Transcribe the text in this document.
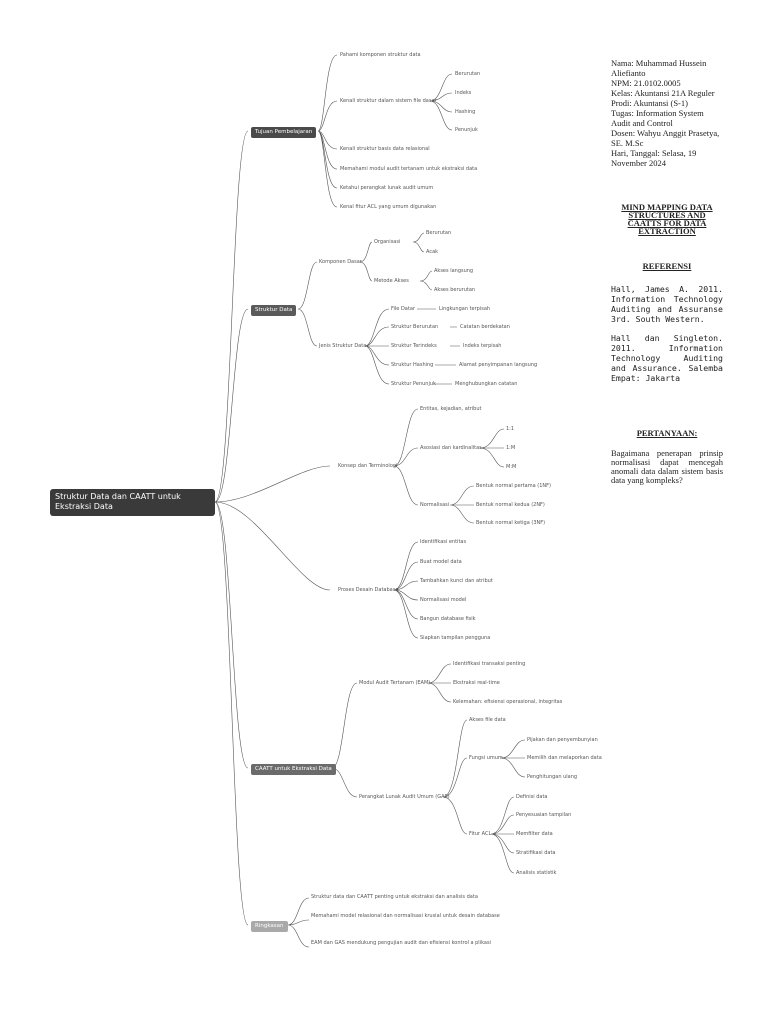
Struktur Data dan CAATT untuk Ekstraksi Data
Tujuan Pembelajaran
Struktur Data
CAATT untuk Ekstraksi Data
Ringkasan
Pahami komponen struktur data
Kenali struktur dalam sistem file dasar
Kenali struktur basis data relasional
Memahami modul audit tertanam untuk ekstraksi data
Ketahui perangkat lunak audit umum
Kenal fitur ACL yang umum digunakan
Berurutan
Indeks
Hashing
Penunjuk
Komponen Dasar
Organisasi
Berurutan
Acak
Metode Akses
Akses langsung
Akses berurutan
Jenis Struktur Data
File Datar
Struktur Berurutan
Struktur Terindeks
Struktur Hashing
Struktur Penunjuk
Lingkungan terpisah
Catatan berdekatan
Indeks terpisah
Alamat penyimpanan langsung
Menghubungkan catatan
Konsep dan Terminologi
Entitas, kejadian, atribut
Asosiasi dan kardinalitas
1:1
1:M
M:M
Normalisasi
Bentuk normal pertama (1NF)
Bentuk normal kedua (2NF)
Bentuk normal ketiga (3NF)
Proses Desain Database
Identifikasi entitas
Buat model data
Tambahkan kunci dan atribut
Normalisasi model
Bangun database fisik
Siapkan tampilan pengguna
Modul Audit Tertanam (EAM)
Identifikasi transaksi penting
Ekstraksi real-time
Kelemahan: efisiensi operasional, integritas
Perangkat Lunak Audit Umum (GAS)
Akses file data
Fungsi umum
Pijakan dan penyembunyian
Memilih dan melaporkan data
Penghitungan ulang
Fitur ACL
Definisi data
Penyesuaian tampilan
Memfilter data
Stratifikasi data
Analisis statistik
Struktur data dan CAATT penting untuk ekstraksi dan analisis data
Memahami model relasional dan normalisasi krusial untuk desain database
EAM dan GAS mendukung pengujian audit dan efisiensi kontrol a plikasi
Nama: Muhammad Hussein Aliefianto
NPM: 21.0102.0005
Kelas: Akuntansi 21A Reguler
Prodi: Akuntansi (S-1)
Tugas: Information System Audit and Control
Dosen: Wahyu Anggit Prasetya, SE. M.Sc
Hari, Tanggal: Selasa, 19 November 2024
MIND MAPPING DATA STRUCTURES AND CAATTS FOR DATA EXTRACTION
REFERENSI
Hall, James A. 2011. Information Technology Auditing and Assuranse 3rd. South Western.
Hall dan Singleton. 2011. Information Technology Auditing and Assurance. Salemba Empat: Jakarta
PERTANYAAN:
Bagaimana penerapan prinsip normalisasi dapat mencegah anomali data dalam sistem basis data yang kompleks?
